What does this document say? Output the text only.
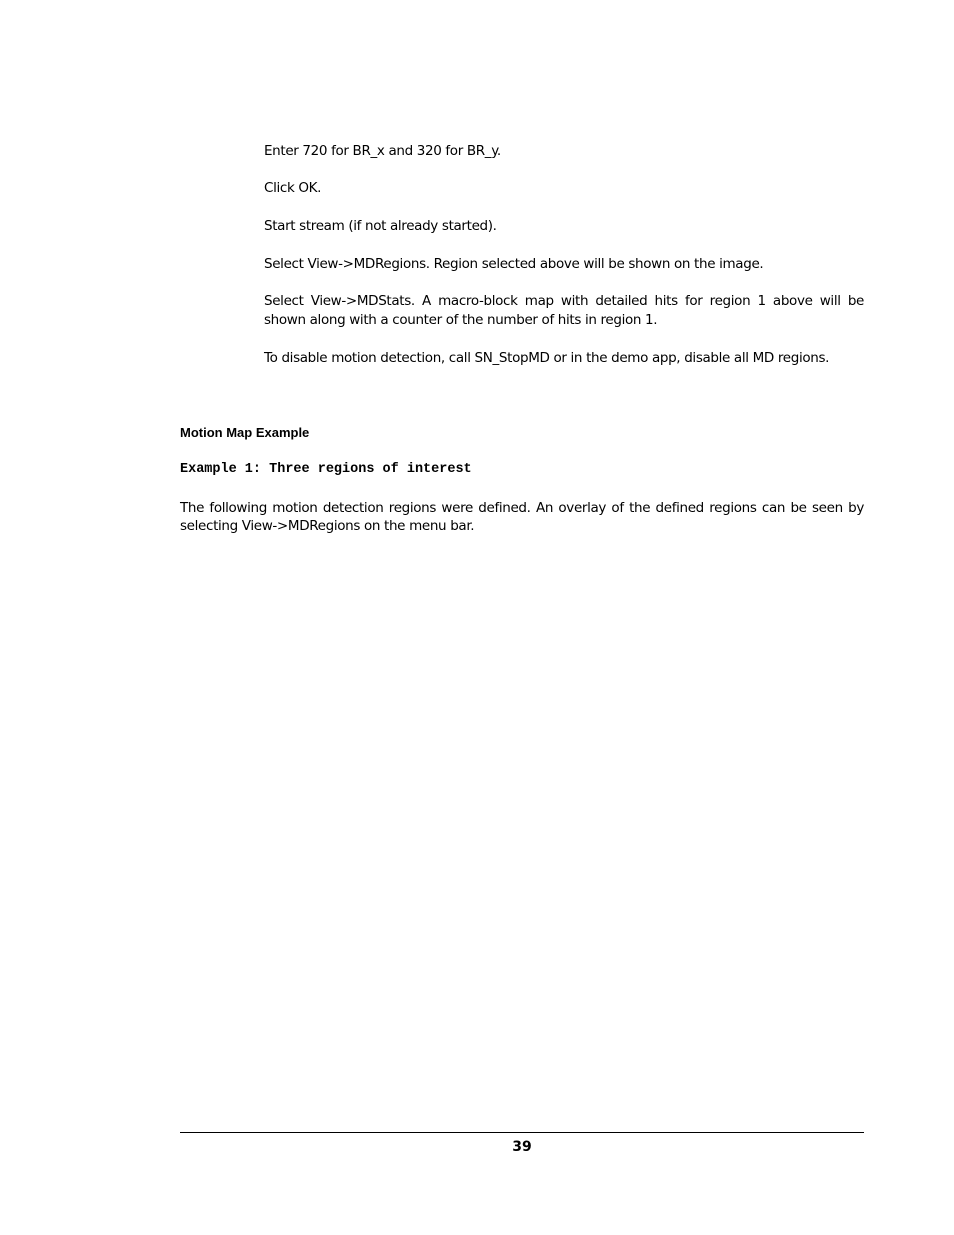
Enter 720 for BR_x and 320 for BR_y.

Click OK.

Start stream (if not already started).

Select View->MDRegions. Region selected above will be shown on the image.

Select View->MDStats. A macro-block map with detailed hits for region 1 above will be shown along with a counter of the number of hits in region 1.

To disable motion detection, call SN_StopMD or in the demo app, disable all MD regions.

Motion Map Example
Example 1: Three regions of interest

The following motion detection regions were defined. An overlay of the defined regions can be seen by selecting View->MDRegions on the menu bar.

39
